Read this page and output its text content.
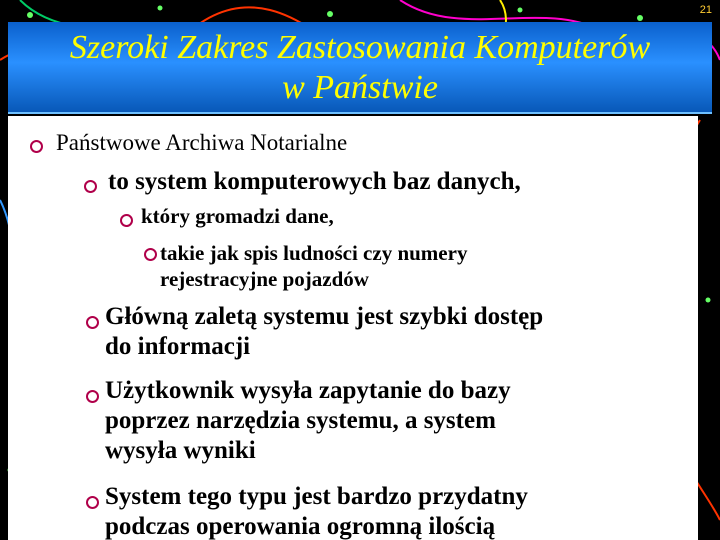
21
Szeroki Zakres Zastosowania Komputerów
w Państwie
Państwowe Archiwa Notarialne
to system komputerowych baz danych,
który gromadzi dane,
takie jak spis ludności czy numery
rejestracyjne pojazdów
Główną zaletą systemu jest szybki dostęp
do informacji
Użytkownik wysyła zapytanie do bazy
poprzez narzędzia systemu, a system
wysyła wyniki
System tego typu jest bardzo przydatny
podczas operowania ogromną ilością
